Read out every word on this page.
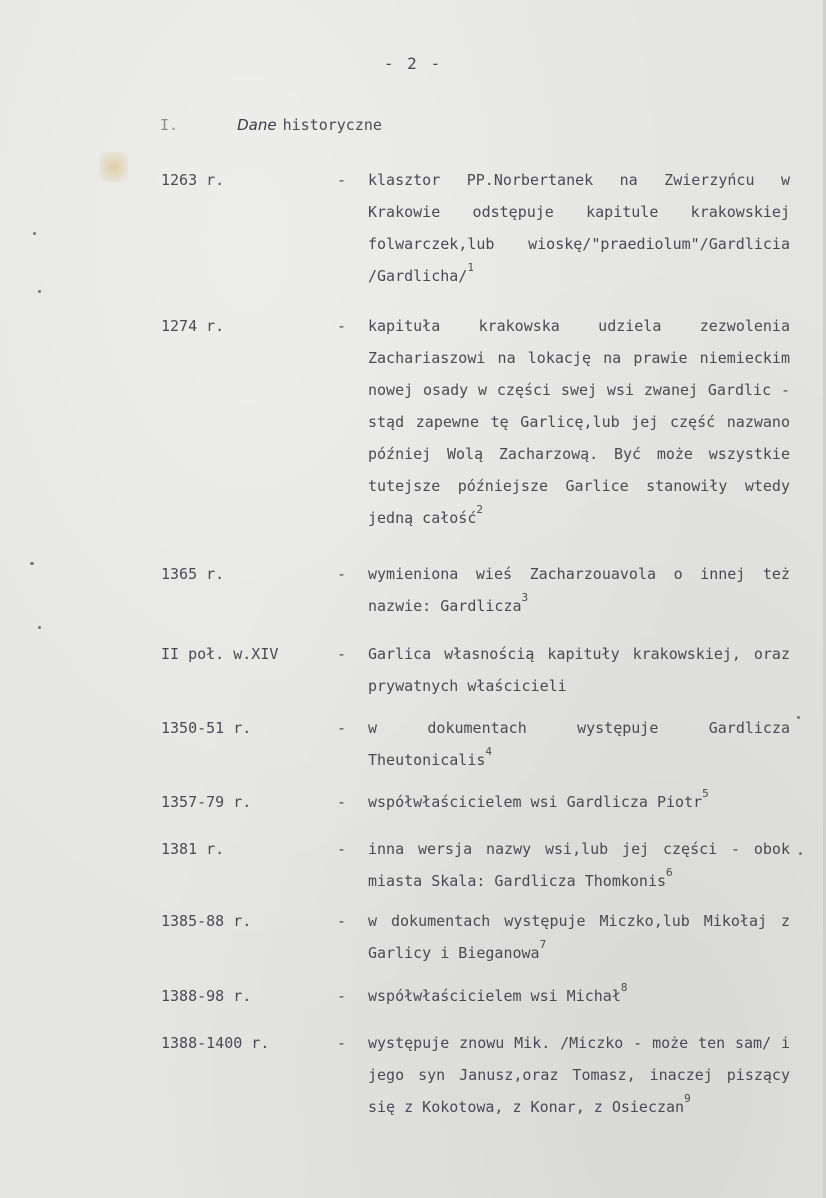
- 2 -
I.	Dane historyczne
1263 r.	- klasztor PP.Norbertanek na Zwierzyńcu w Krakowie odstępuje kapitule krakowskiej folwarczek,lub wioskę/"praediolum"/Gardlicia /Gardlicha/$^1$
1274 r.	- kapituła krakowska udziela zezwolenia Zachariaszowi na lokację na prawie niemieckim nowej osady w części swej wsi zwanej Gardlic - stąd zapewne tę Garlicę,lub jej część nazwano później Wolą Zacharzową. Być może wszystkie tutejsze późniejsze Garlice stanowiły wtedy jedną całość$^2$
1365 r.	- wymieniona wieś Zacharzouavola o innej też nazwie: Gardlicza$^3$
II poł. w.XIV	- Garlica własnością kapituły krakowskiej, oraz prywatnych właścicieli
1350-51 r.	- w dokumentach występuje Gardlicza Theutonicalis$^4$
1357-79 r.	- współwłaścicielem wsi Gardlicza Piotr$^5$
1381 r.	- inna wersja nazwy wsi,lub jej części - obok miasta Skala: Gardlicza Thomkonis$^6$
1385-88 r.	- w dokumentach występuje Miczko,lub Mikołaj z Garlicy i Bieganowa$^7$
1388-98 r.	- współwłaścicielem wsi Michał$^8$
1388-1400 r.	- występuje znowu Mik. /Miczko - może ten sam/ i jego syn Janusz,oraz Tomasz, inaczej piszący się z Kokotowa, z Konar, z Osieczan$^9$
